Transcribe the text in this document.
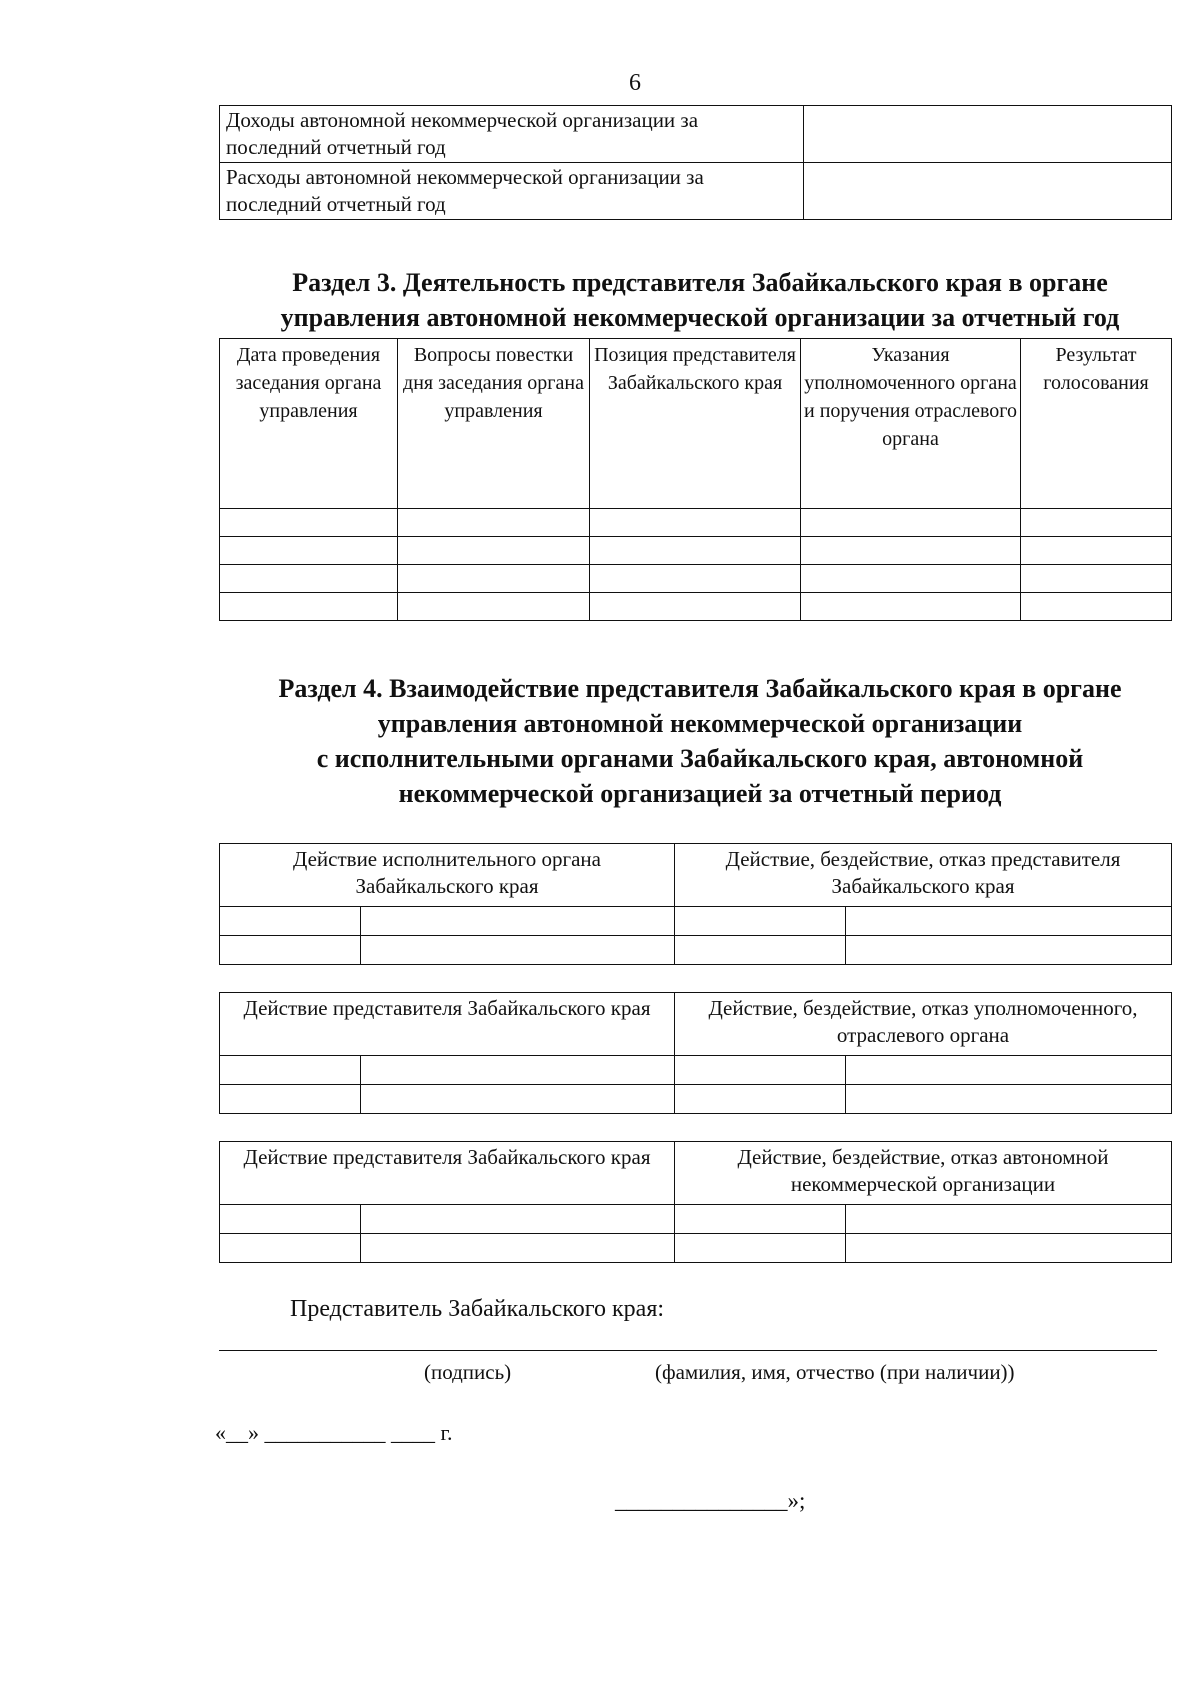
6
Доходы автономной некоммерческой организации за последний отчетный год	
Расходы автономной некоммерческой организации за последний отчетный год	
Раздел 3. Деятельность представителя Забайкальского края в органе
управления автономной некоммерческой организации за отчетный год
Дата проведения заседания органа управления	Вопросы повестки дня заседания органа управления	Позиция представителя Забайкальского края	Указания уполномоченного органа и поручения отраслевого органа	Результат голосования

Раздел 4. Взаимодействие представителя Забайкальского края в органе
управления автономной некоммерческой организации
с исполнительными органами Забайкальского края, автономной
некоммерческой организацией за отчетный период
Действие исполнительного органа Забайкальского края		Действие, бездействие, отказ представителя Забайкальского края	

Действие представителя Забайкальского края		Действие, бездействие, отказ уполномоченного, отраслевого органа	

Действие представителя Забайкальского края		Действие, бездействие, отказ автономной некоммерческой организации	

Представитель Забайкальского края:
(подпись)	(фамилия, имя, отчество (при наличии))
«__» ___________ ____ г.
_______________»;
